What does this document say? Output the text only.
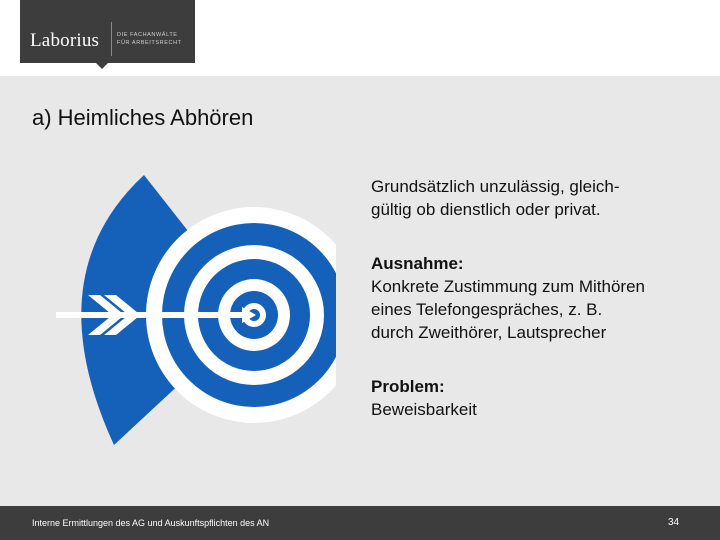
Laborius	DIE FACHANWÄLTE
FÜR ARBEITSRECHT
a) Heimliches Abhören

Grundsätzlich unzulässig, gleich-
gültig ob dienstlich oder privat.

Ausnahme:
Konkrete Zustimmung zum Mithören
eines Telefongespräches, z. B.
durch Zweithörer, Lautsprecher

Problem:
Beweisbarkeit

Interne Ermittlungen des AG und Auskunftspflichten des AN	34
